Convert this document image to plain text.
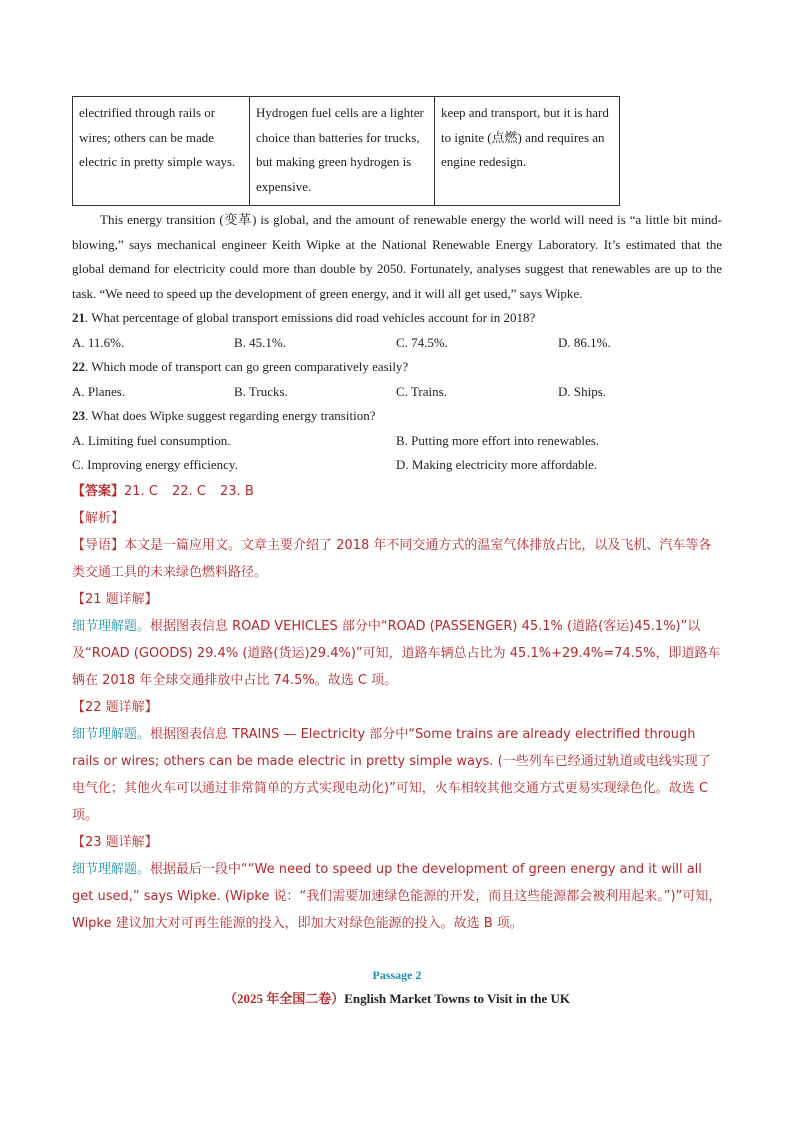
electrified through rails or wires; others can be made electric in pretty simple ways.	Hydrogen fuel cells are a lighter choice than batteries for trucks, but making green hydrogen is expensive.	keep and transport, but it is hard to ignite (点燃) and requires an engine redesign.

This energy transition (变革) is global, and the amount of renewable energy the world will need is “a little bit mind-blowing,” says mechanical engineer Keith Wipke at the National Renewable Energy Laboratory. It’s estimated that the global demand for electricity could more than double by 2050. Fortunately, analyses suggest that renewables are up to the task. “We need to speed up the development of green energy, and it will all get used,” says Wipke.

21. What percentage of global transport emissions did road vehicles account for in 2018?

A. 11.6%.	B. 45.1%.	C. 74.5%.	D. 86.1%.

22. Which mode of transport can go green comparatively easily?

A. Planes.	B. Trucks.	C. Trains.	D. Ships.

23. What does Wipke suggest regarding energy transition?

A. Limiting fuel consumption.	B. Putting more effort into renewables.
C. Improving energy efficiency.	D. Making electricity more affordable.

【答案】21. C 22. C 23. B

【解析】

【导语】本文是一篇应用文。文章主要介绍了 2018 年不同交通方式的温室气体排放占比，以及飞机、汽车等各类交通工具的未来绿色燃料路径。

【21 题详解】

细节理解题。根据图表信息 ROAD VEHICLES 部分中“ROAD (PASSENGER) 45.1% (道路(客运)45.1%)”以及“ROAD (GOODS) 29.4% (道路(货运)29.4%)”可知，道路车辆总占比为 45.1%+29.4%=74.5%，即道路车辆在 2018 年全球交通排放中占比 74.5%。故选 C 项。

【22 题详解】

细节理解题。根据图表信息 TRAINS — Electricity 部分中“Some trains are already electrified through rails or wires; others can be made electric in pretty simple ways. (一些列车已经通过轨道或电线实现了电气化；其他火车可以通过非常简单的方式实现电动化)”可知，火车相较其他交通方式更易实现绿色化。故选 C 项。

【23 题详解】

细节理解题。根据最后一段中““We need to speed up the development of green energy and it will all get used,” says Wipke. (Wipke 说：“我们需要加速绿色能源的开发，而且这些能源都会被利用起来。”)”可知，Wipke 建议加大对可再生能源的投入，即加大对绿色能源的投入。故选 B 项。

Passage 2

（2025 年全国二卷）English Market Towns to Visit in the UK
